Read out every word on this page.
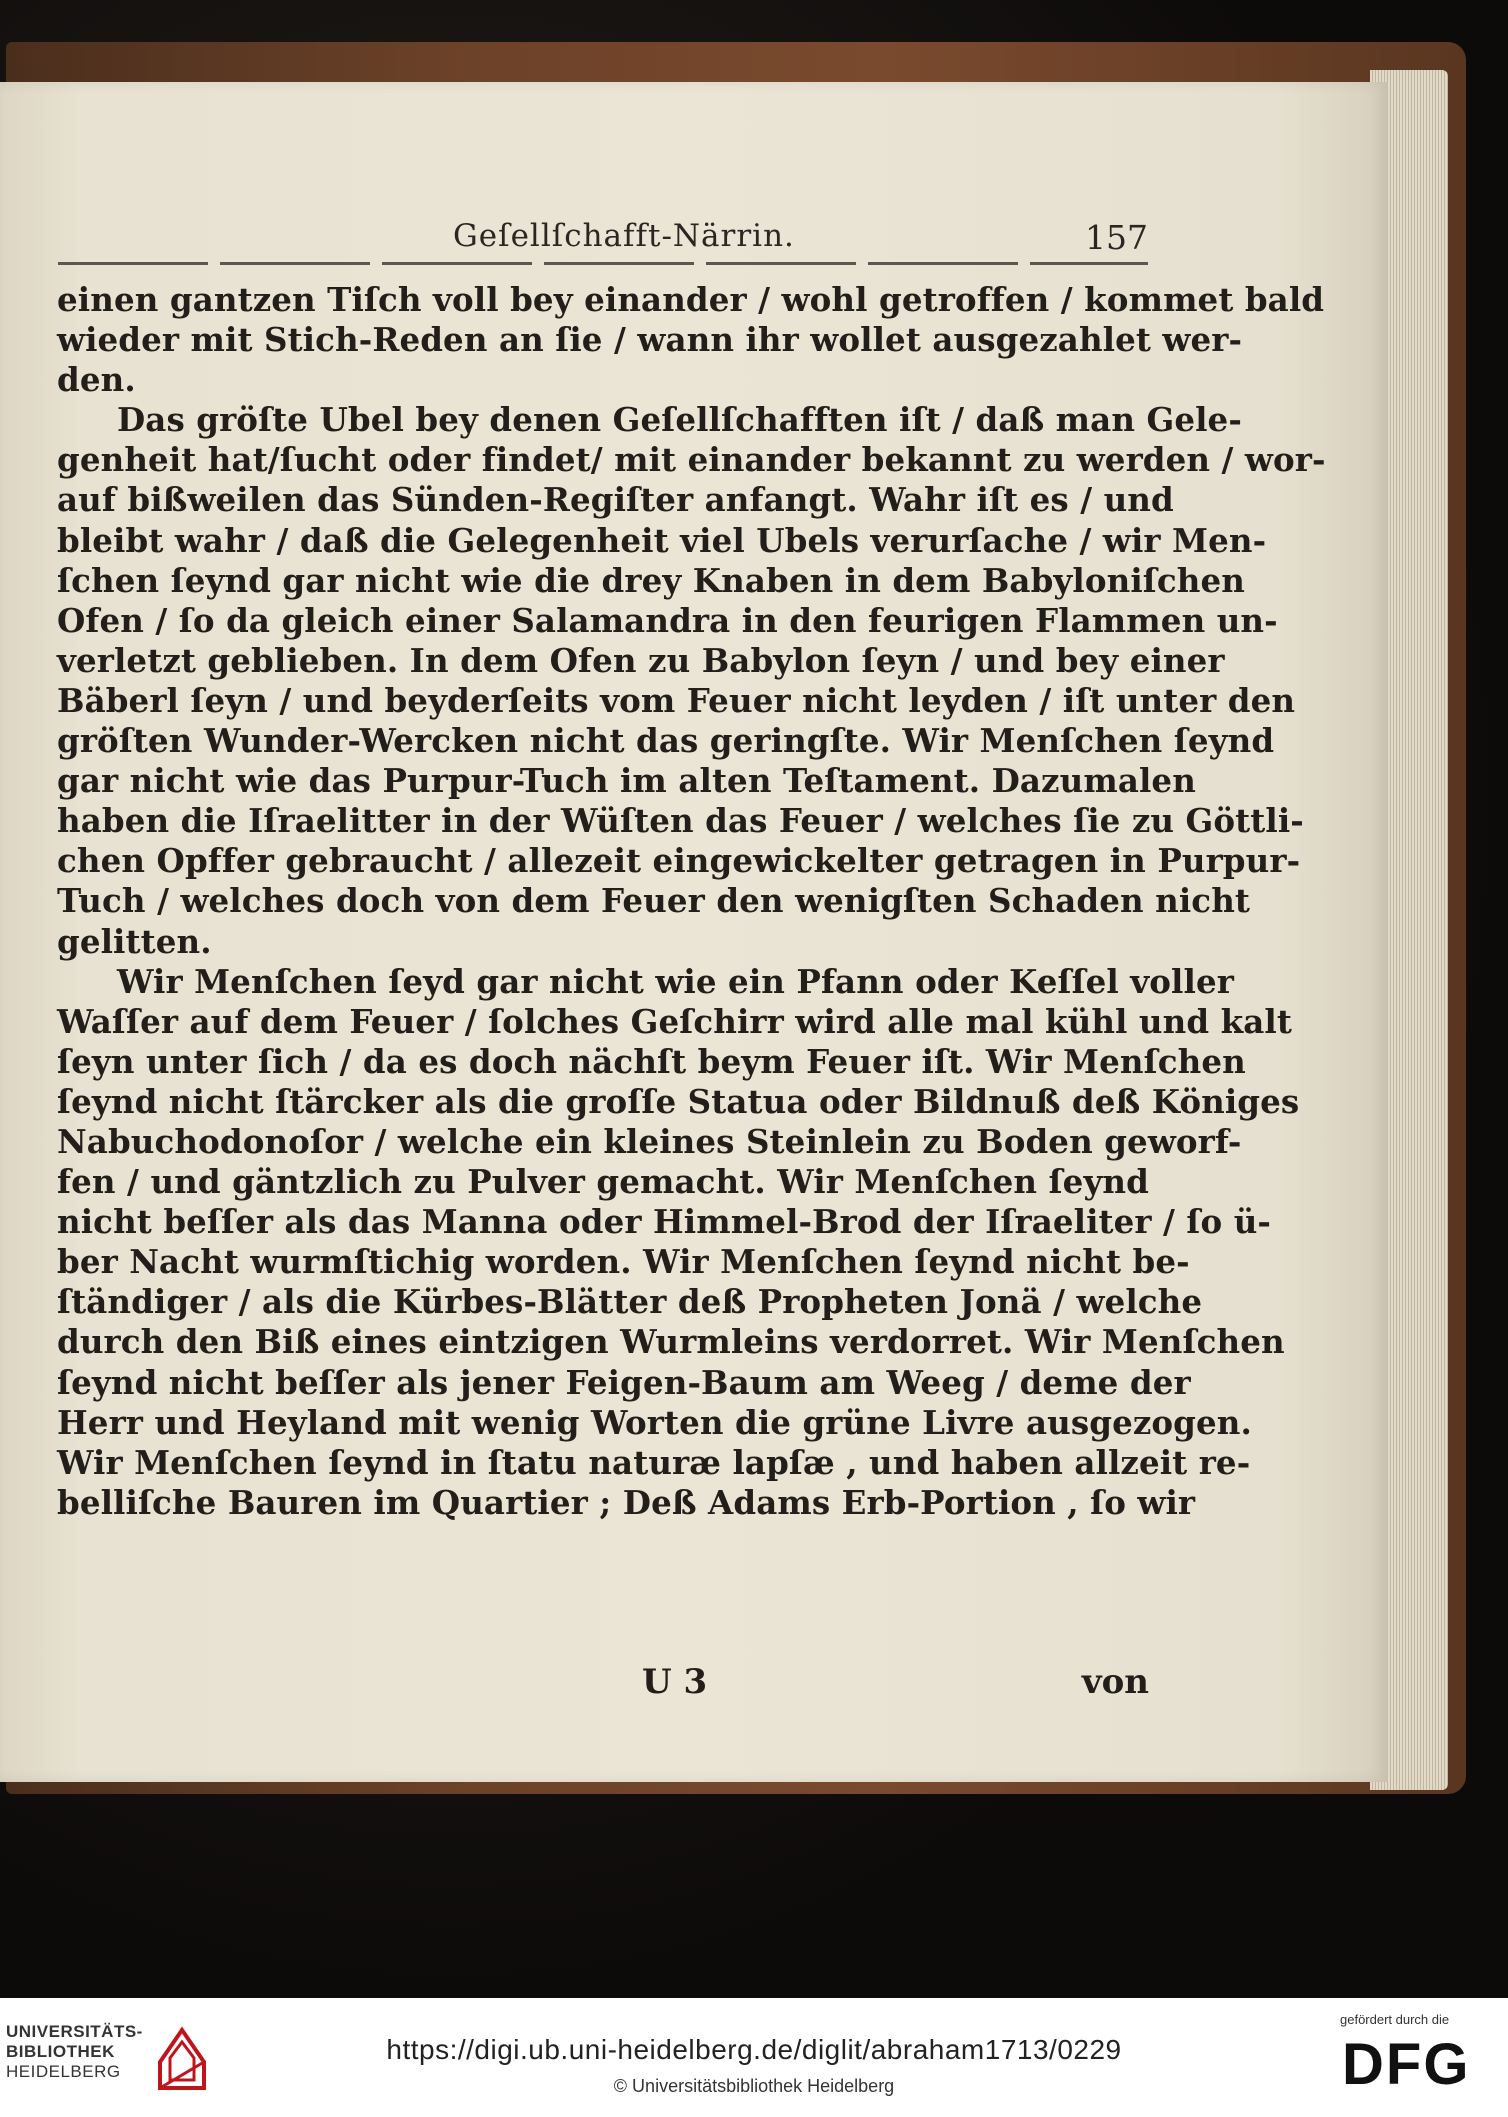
Geſellſchafft-Närrin.	157
einen gantzen Tiſch voll bey einander / wohl getroffen / kommet bald
wieder mit Stich-Reden an ſie / wann ihr wollet ausgezahlet wer-
den.
Das gröſte Ubel bey denen Geſellſchafften iſt / daß man Gele-
genheit hat/ſucht oder findet/ mit einander bekannt zu werden / wor-
auf bißweilen das Sünden-Regiſter anfangt. Wahr iſt es / und
bleibt wahr / daß die Gelegenheit viel Ubels verurſache / wir Men-
ſchen ſeynd gar nicht wie die drey Knaben in dem Babyloniſchen
Ofen / ſo da gleich einer Salamandra in den feurigen Flammen un-
verletzt geblieben. In dem Ofen zu Babylon ſeyn / und bey einer
Bäberl ſeyn / und beyderſeits vom Feuer nicht leyden / iſt unter den
gröſten Wunder-Wercken nicht das geringſte. Wir Menſchen ſeynd
gar nicht wie das Purpur-Tuch im alten Teſtament. Dazumalen
haben die Iſraelitter in der Wüſten das Feuer / welches ſie zu Göttli-
chen Opffer gebraucht / allezeit eingewickelter getragen in Purpur-
Tuch / welches doch von dem Feuer den wenigſten Schaden nicht
gelitten.
Wir Menſchen ſeyd gar nicht wie ein Pfann oder Keſſel voller
Waſſer auf dem Feuer / ſolches Geſchirr wird alle mal kühl und kalt
ſeyn unter ſich / da es doch nächſt beym Feuer iſt. Wir Menſchen
ſeynd nicht ſtärcker als die groſſe Statua oder Bildnuß deß Königes
Nabuchodonoſor / welche ein kleines Steinlein zu Boden geworf-
fen / und gäntzlich zu Pulver gemacht. Wir Menſchen ſeynd
nicht beſſer als das Manna oder Himmel-Brod der Iſraeliter / ſo ü-
ber Nacht wurmſtichig worden. Wir Menſchen ſeynd nicht be-
ſtändiger / als die Kürbes-Blätter deß Propheten Jonä / welche
durch den Biß eines eintzigen Wurmleins verdorret. Wir Menſchen
ſeynd nicht beſſer als jener Feigen-Baum am Weeg / deme der
Herr und Heyland mit wenig Worten die grüne Livre ausgezogen.
Wir Menſchen ſeynd in ſtatu naturæ lapſæ , und haben allzeit re-
belliſche Bauren im Quartier ; Deß Adams Erb-Portion , ſo wir
U 3	von
UNIVERSITÄTS-
BIBLIOTHEK
HEIDELBERG
https://digi.ub.uni-heidelberg.de/diglit/abraham1713/0229
© Universitätsbibliothek Heidelberg
gefördert durch die
DFG
